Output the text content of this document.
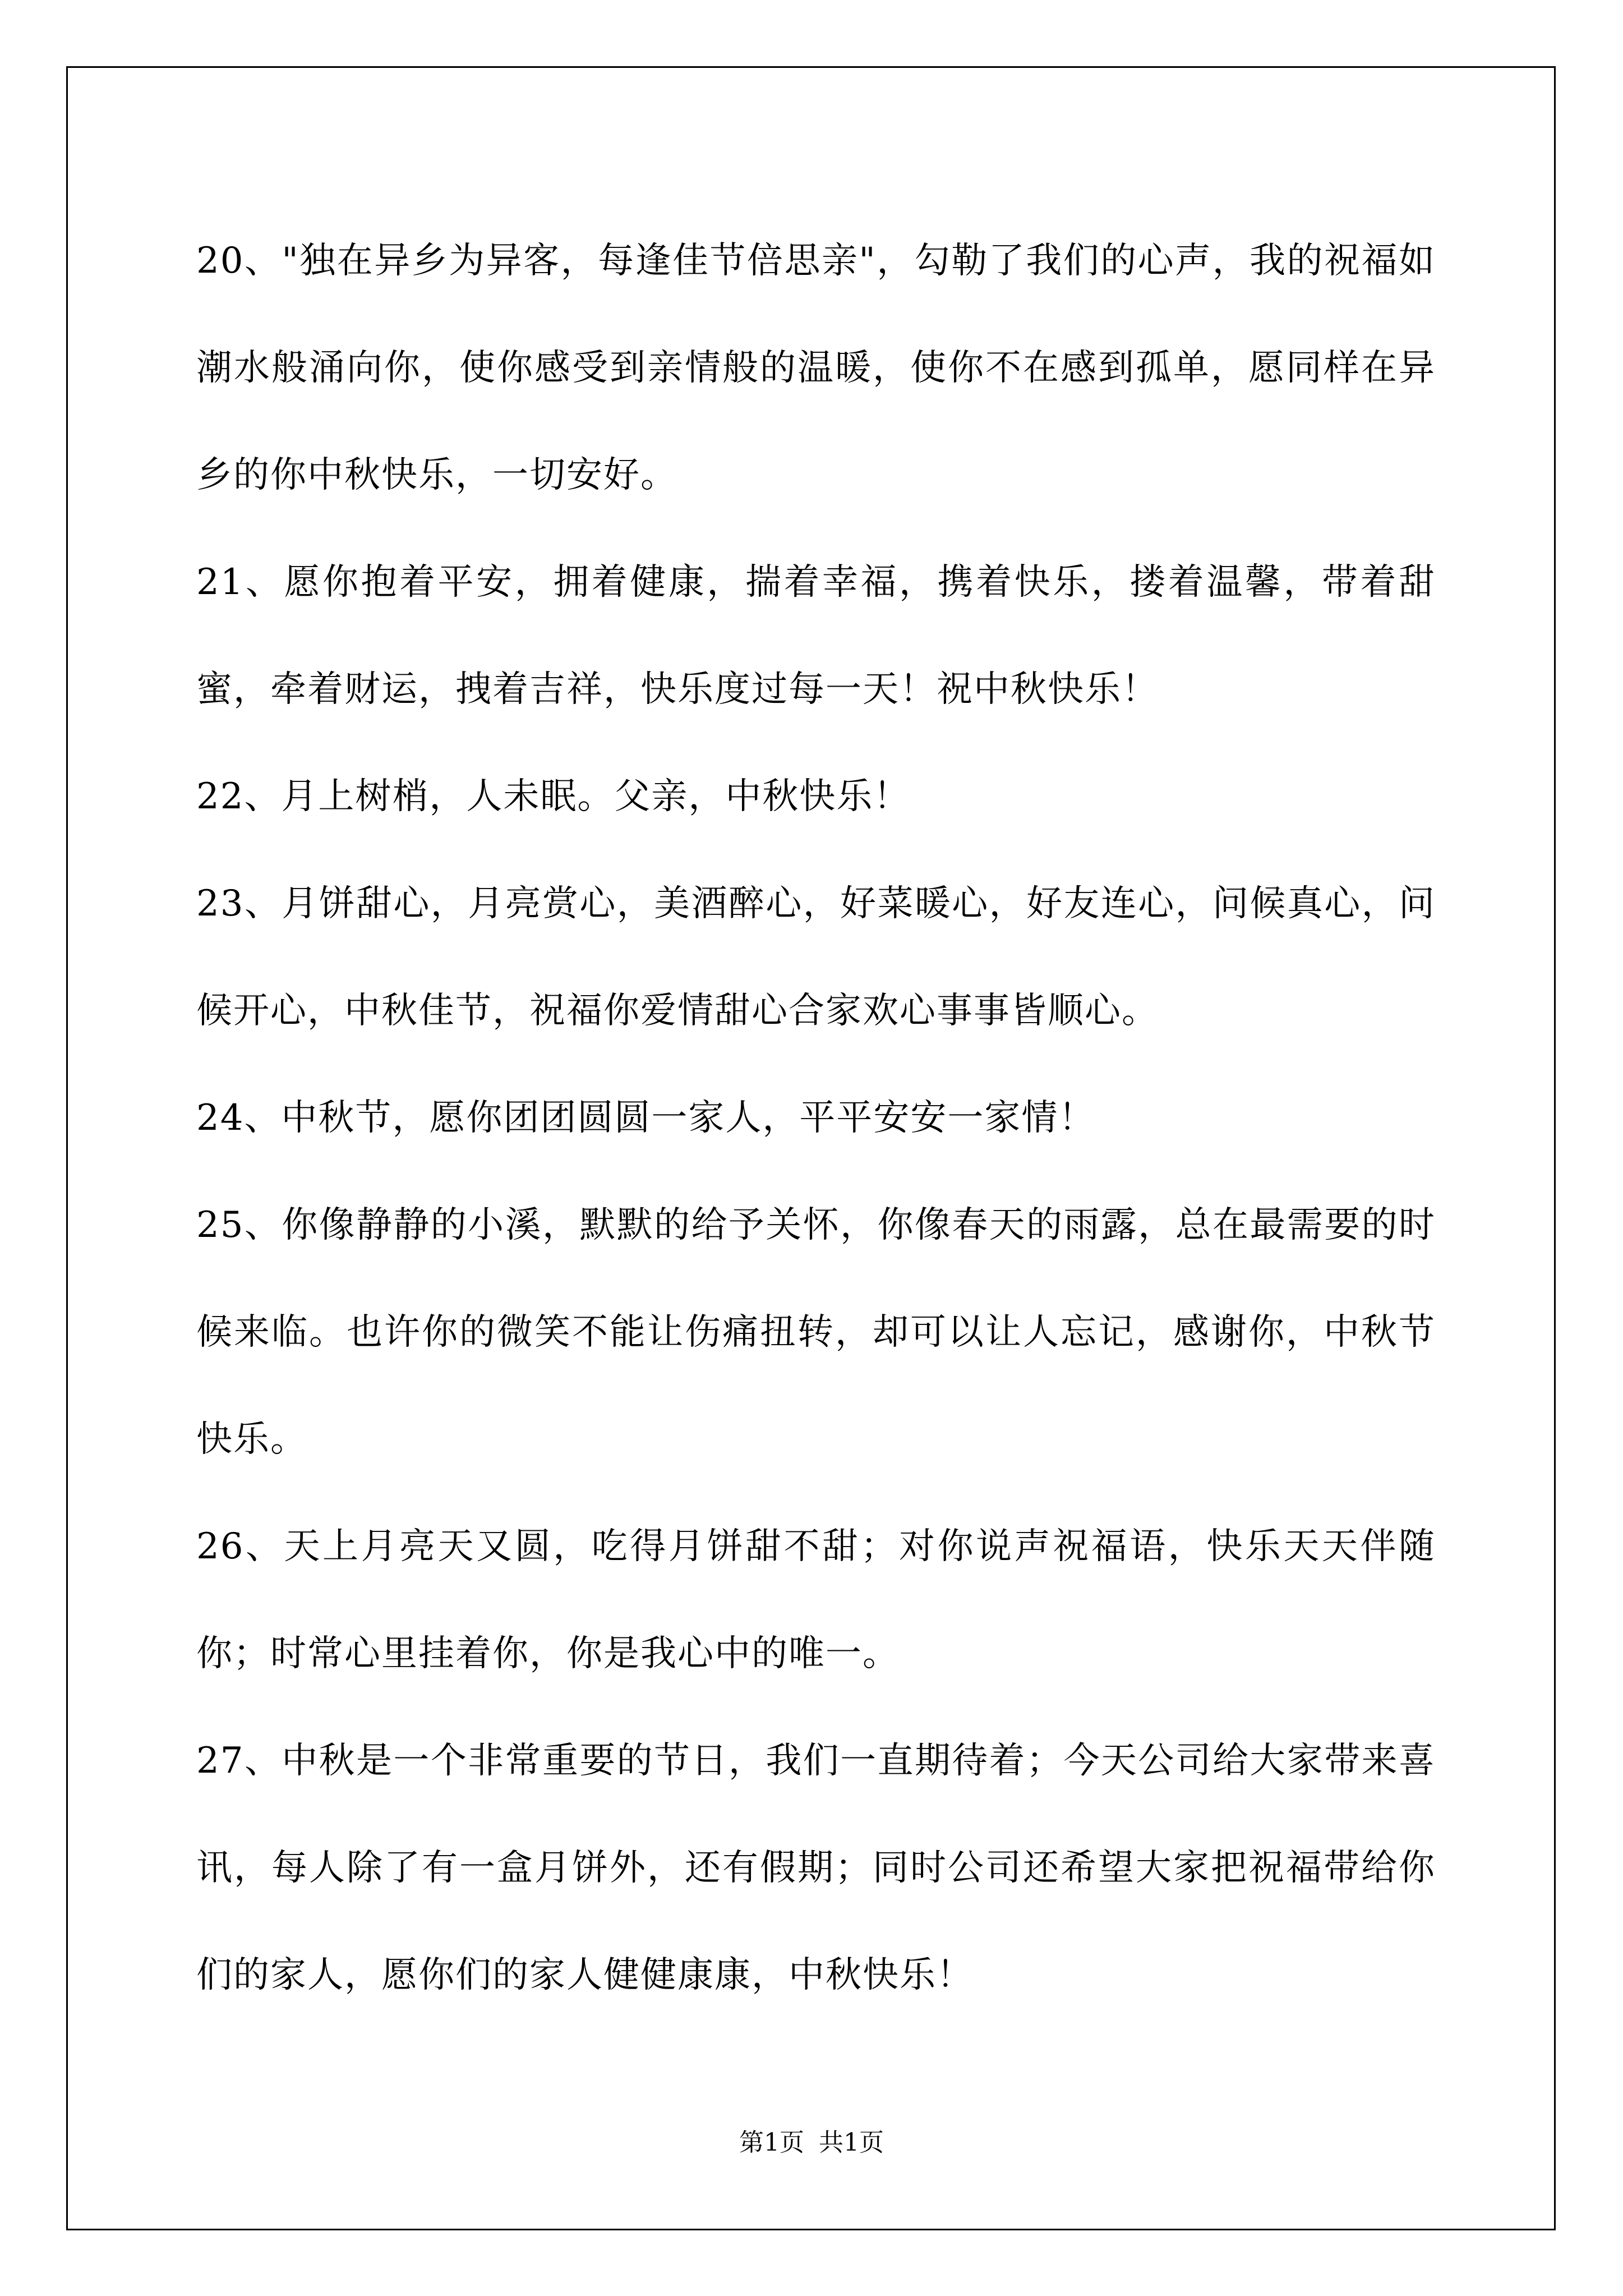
20、"独在异乡为异客，每逢佳节倍思亲"，勾勒了我们的心声，我的祝福如潮水般涌向你，使你感受到亲情般的温暖，使你不在感到孤单，愿同样在异乡的你中秋快乐，一切安好。

21、愿你抱着平安，拥着健康，揣着幸福，携着快乐，搂着温馨，带着甜蜜，牵着财运，拽着吉祥，快乐度过每一天！祝中秋快乐！

22、月上树梢，人未眠。父亲，中秋快乐！

23、月饼甜心，月亮赏心，美酒醉心，好菜暖心，好友连心，问候真心，问候开心，中秋佳节，祝福你爱情甜心合家欢心事事皆顺心。

24、中秋节，愿你团团圆圆一家人，平平安安一家情！

25、你像静静的小溪，默默的给予关怀，你像春天的雨露，总在最需要的时候来临。也许你的微笑不能让伤痛扭转，却可以让人忘记，感谢你，中秋节快乐。

26、天上月亮天又圆，吃得月饼甜不甜；对你说声祝福语，快乐天天伴随你；时常心里挂着你，你是我心中的唯一。

27、中秋是一个非常重要的节日，我们一直期待着；今天公司给大家带来喜讯，每人除了有一盒月饼外，还有假期；同时公司还希望大家把祝福带给你们的家人，愿你们的家人健健康康，中秋快乐！

第1页 共1页
